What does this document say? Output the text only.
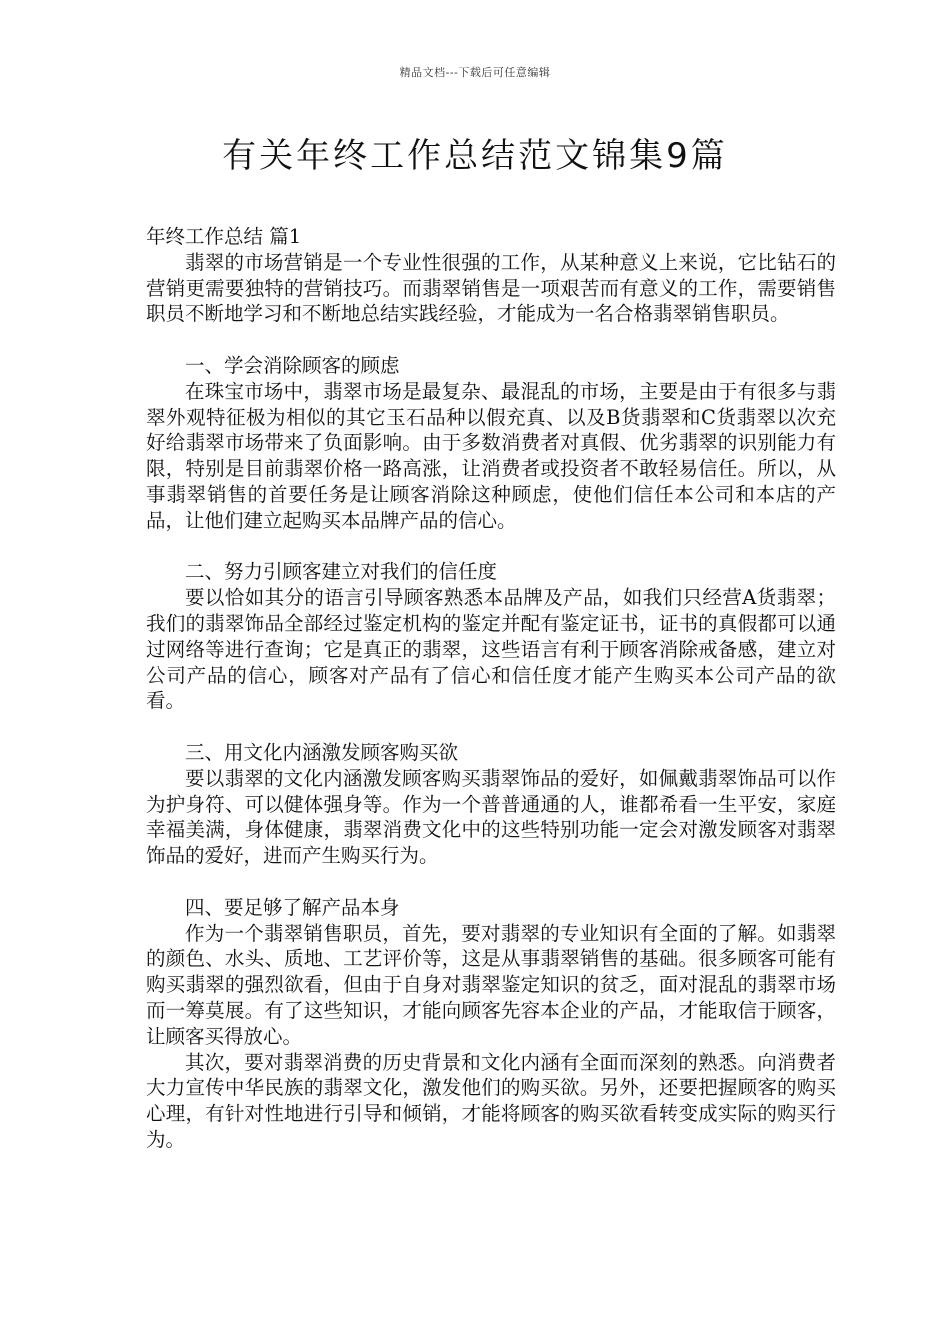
精品文档---下载后可任意编辑
有关年终工作总结范文锦集9篇

年终工作总结 篇1

翡翠的市场营销是一个专业性很强的工作，从某种意义上来说，它比钻石的营销更需要独特的营销技巧。而翡翠销售是一项艰苦而有意义的工作，需要销售职员不断地学习和不断地总结实践经验，才能成为一名合格翡翠销售职员。

一、学会消除顾客的顾虑

在珠宝市场中，翡翠市场是最复杂、最混乱的市场，主要是由于有很多与翡翠外观特征极为相似的其它玉石品种以假充真、以及B货翡翠和C货翡翠以次充好给翡翠市场带来了负面影响。由于多数消费者对真假、优劣翡翠的识别能力有限，特别是目前翡翠价格一路高涨，让消费者或投资者不敢轻易信任。所以，从事翡翠销售的首要任务是让顾客消除这种顾虑，使他们信任本公司和本店的产品，让他们建立起购买本品牌产品的信心。

二、努力引顾客建立对我们的信任度

要以恰如其分的语言引导顾客熟悉本品牌及产品，如我们只经营A货翡翠；我们的翡翠饰品全部经过鉴定机构的鉴定并配有鉴定证书，证书的真假都可以通过网络等进行查询；它是真正的翡翠，这些语言有利于顾客消除戒备感，建立对公司产品的信心，顾客对产品有了信心和信任度才能产生购买本公司产品的欲看。

三、用文化内涵激发顾客购买欲

要以翡翠的文化内涵激发顾客购买翡翠饰品的爱好，如佩戴翡翠饰品可以作为护身符、可以健体强身等。作为一个普普通通的人，谁都希看一生平安，家庭幸福美满，身体健康，翡翠消费文化中的这些特别功能一定会对激发顾客对翡翠饰品的爱好，进而产生购买行为。

四、要足够了解产品本身

作为一个翡翠销售职员，首先，要对翡翠的专业知识有全面的了解。如翡翠的颜色、水头、质地、工艺评价等，这是从事翡翠销售的基础。很多顾客可能有购买翡翠的强烈欲看，但由于自身对翡翠鉴定知识的贫乏，面对混乱的翡翠市场而一筹莫展。有了这些知识，才能向顾客先容本企业的产品，才能取信于顾客，让顾客买得放心。

其次，要对翡翠消费的历史背景和文化内涵有全面而深刻的熟悉。向消费者大力宣传中华民族的翡翠文化，激发他们的购买欲。另外，还要把握顾客的购买心理，有针对性地进行引导和倾销，才能将顾客的购买欲看转变成实际的购买行为。
